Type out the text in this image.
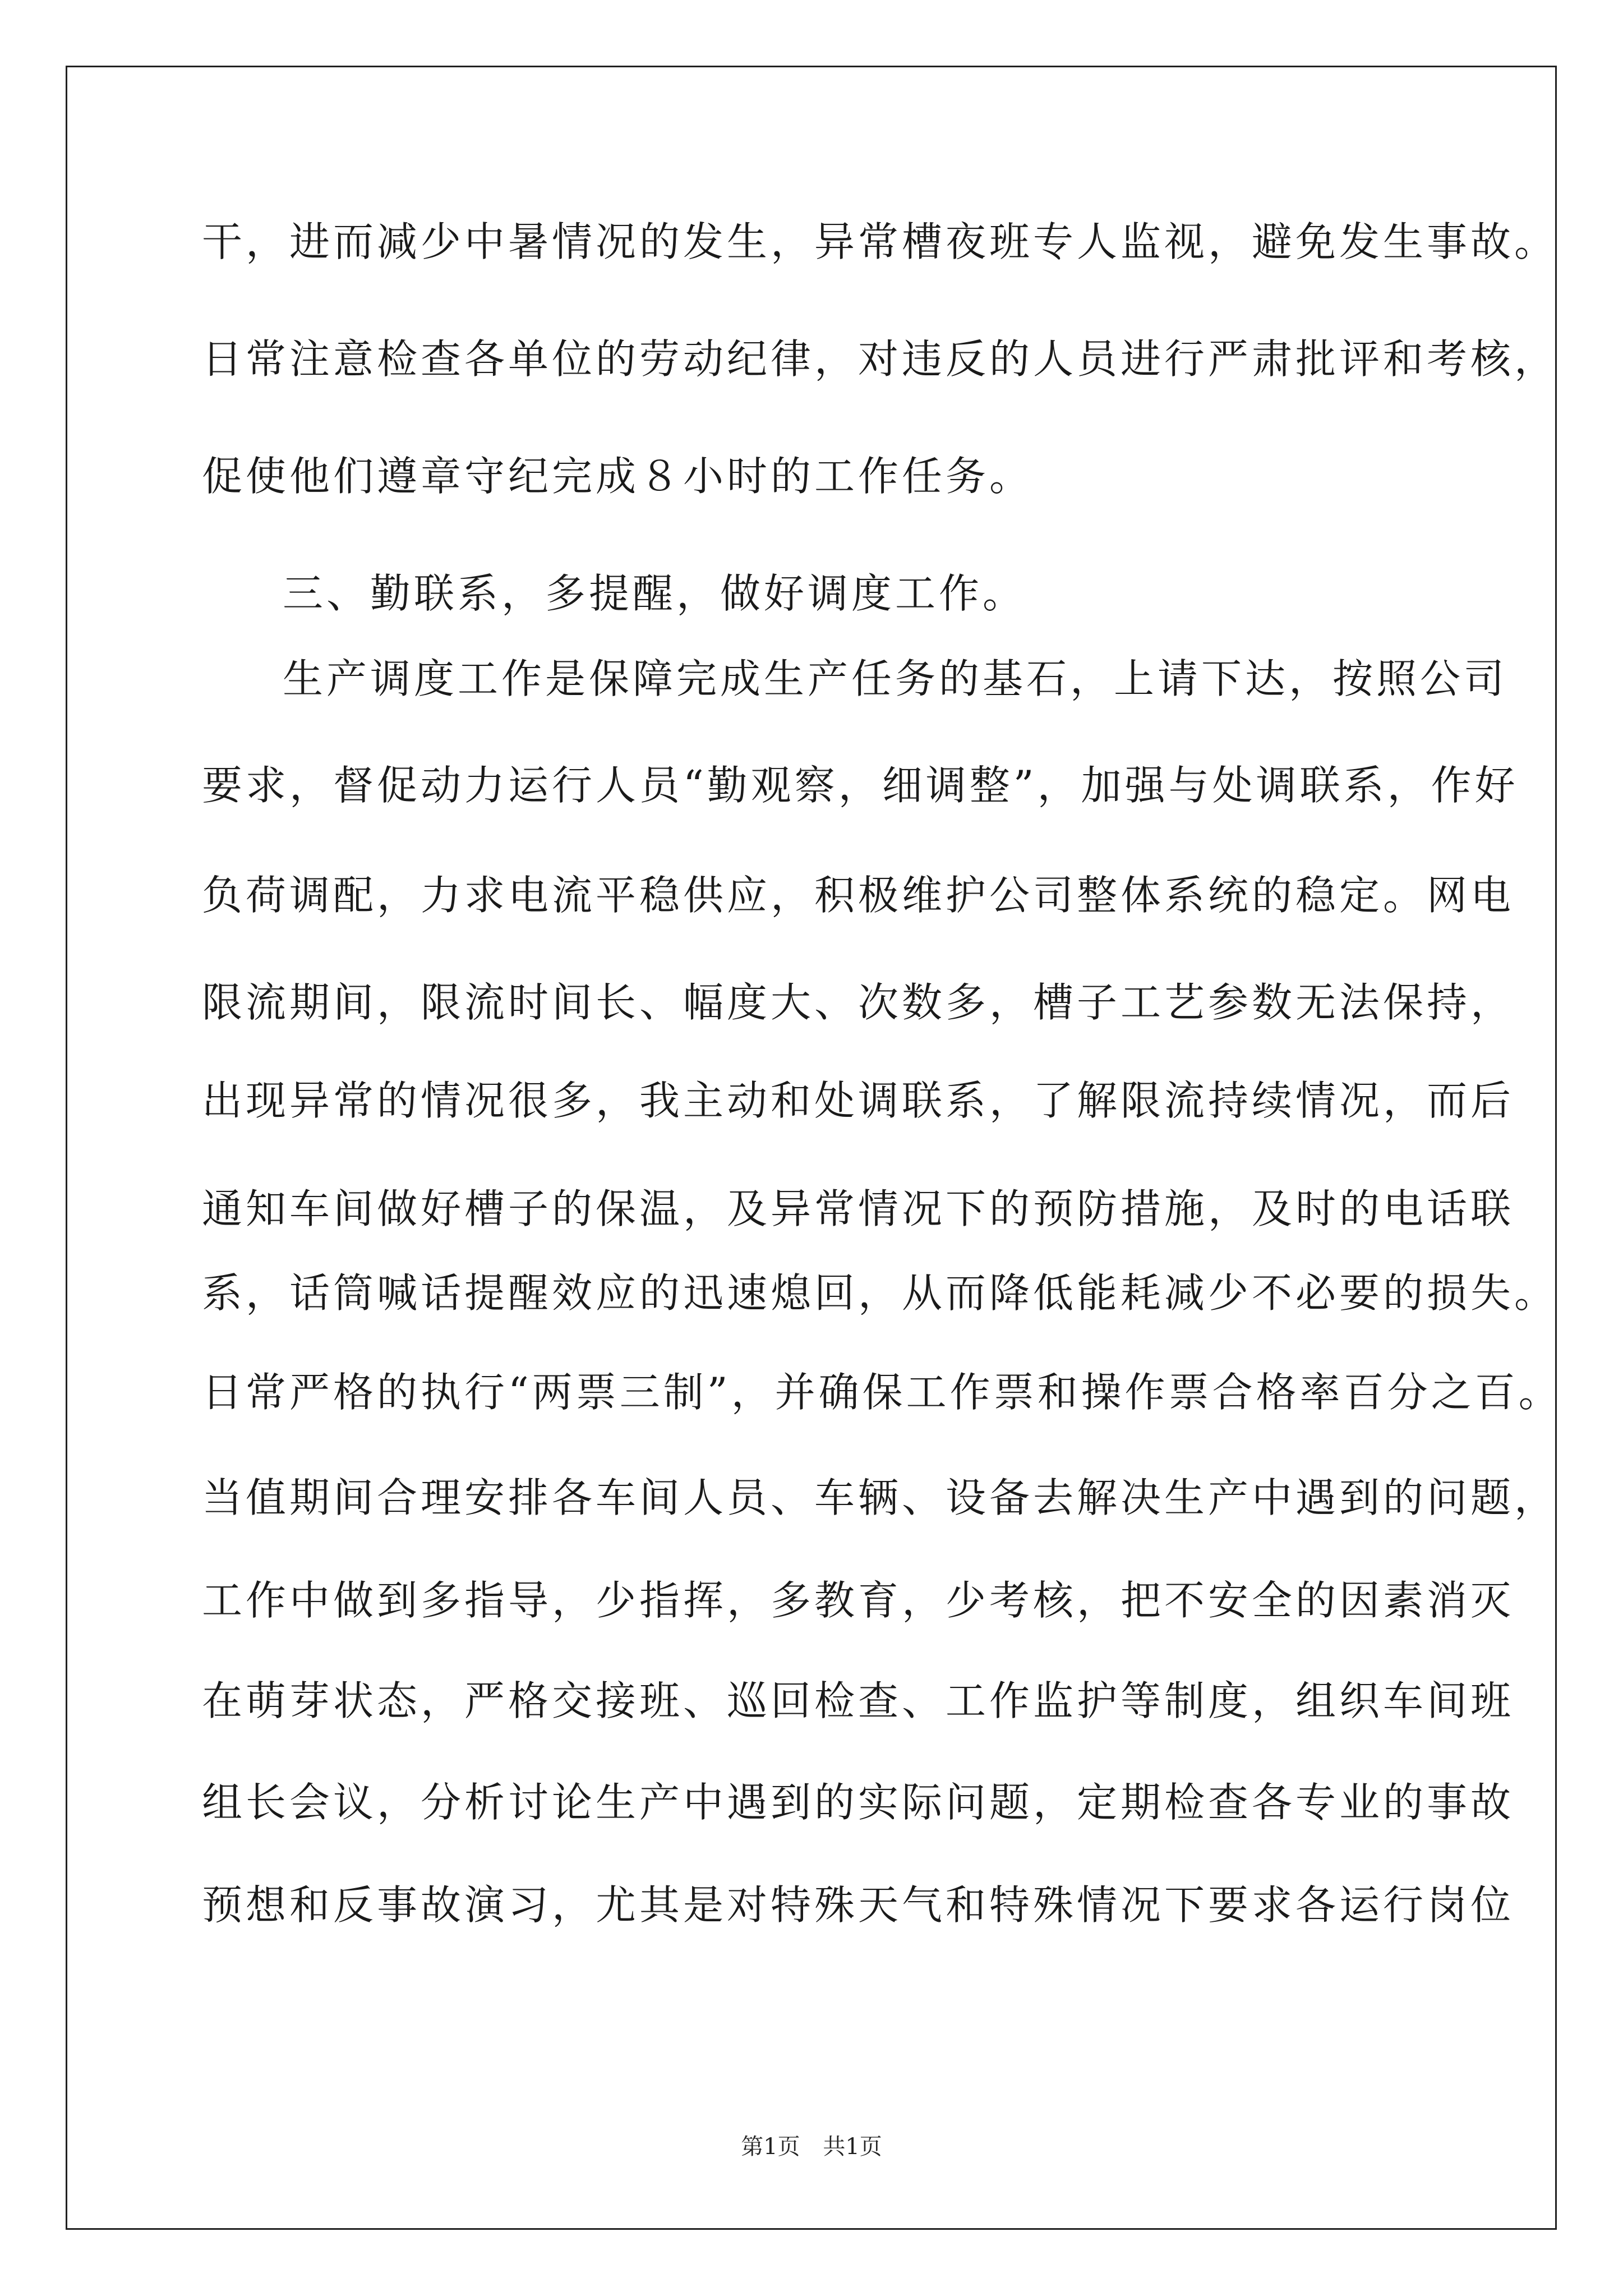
干，进而减少中暑情况的发生，异常槽夜班专人监视，避免发生事故。
日常注意检查各单位的劳动纪律，对违反的人员进行严肃批评和考核，
促使他们遵章守纪完成８小时的工作任务。
三、勤联系，多提醒，做好调度工作。
生产调度工作是保障完成生产任务的基石，上请下达，按照公司
要求，督促动力运行人员“勤观察，细调整”，加强与处调联系，作好
负荷调配，力求电流平稳供应，积极维护公司整体系统的稳定。网电
限流期间，限流时间长、幅度大、次数多，槽子工艺参数无法保持，
出现异常的情况很多，我主动和处调联系，了解限流持续情况，而后
通知车间做好槽子的保温，及异常情况下的预防措施，及时的电话联
系，话筒喊话提醒效应的迅速熄回，从而降低能耗减少不必要的损失。
日常严格的执行“两票三制”，并确保工作票和操作票合格率百分之百。
当值期间合理安排各车间人员、车辆、设备去解决生产中遇到的问题，
工作中做到多指导，少指挥，多教育，少考核，把不安全的因素消灭
在萌芽状态，严格交接班、巡回检查、工作监护等制度，组织车间班
组长会议，分析讨论生产中遇到的实际问题，定期检查各专业的事故
预想和反事故演习，尤其是对特殊天气和特殊情况下要求各运行岗位
第1页 共1页
